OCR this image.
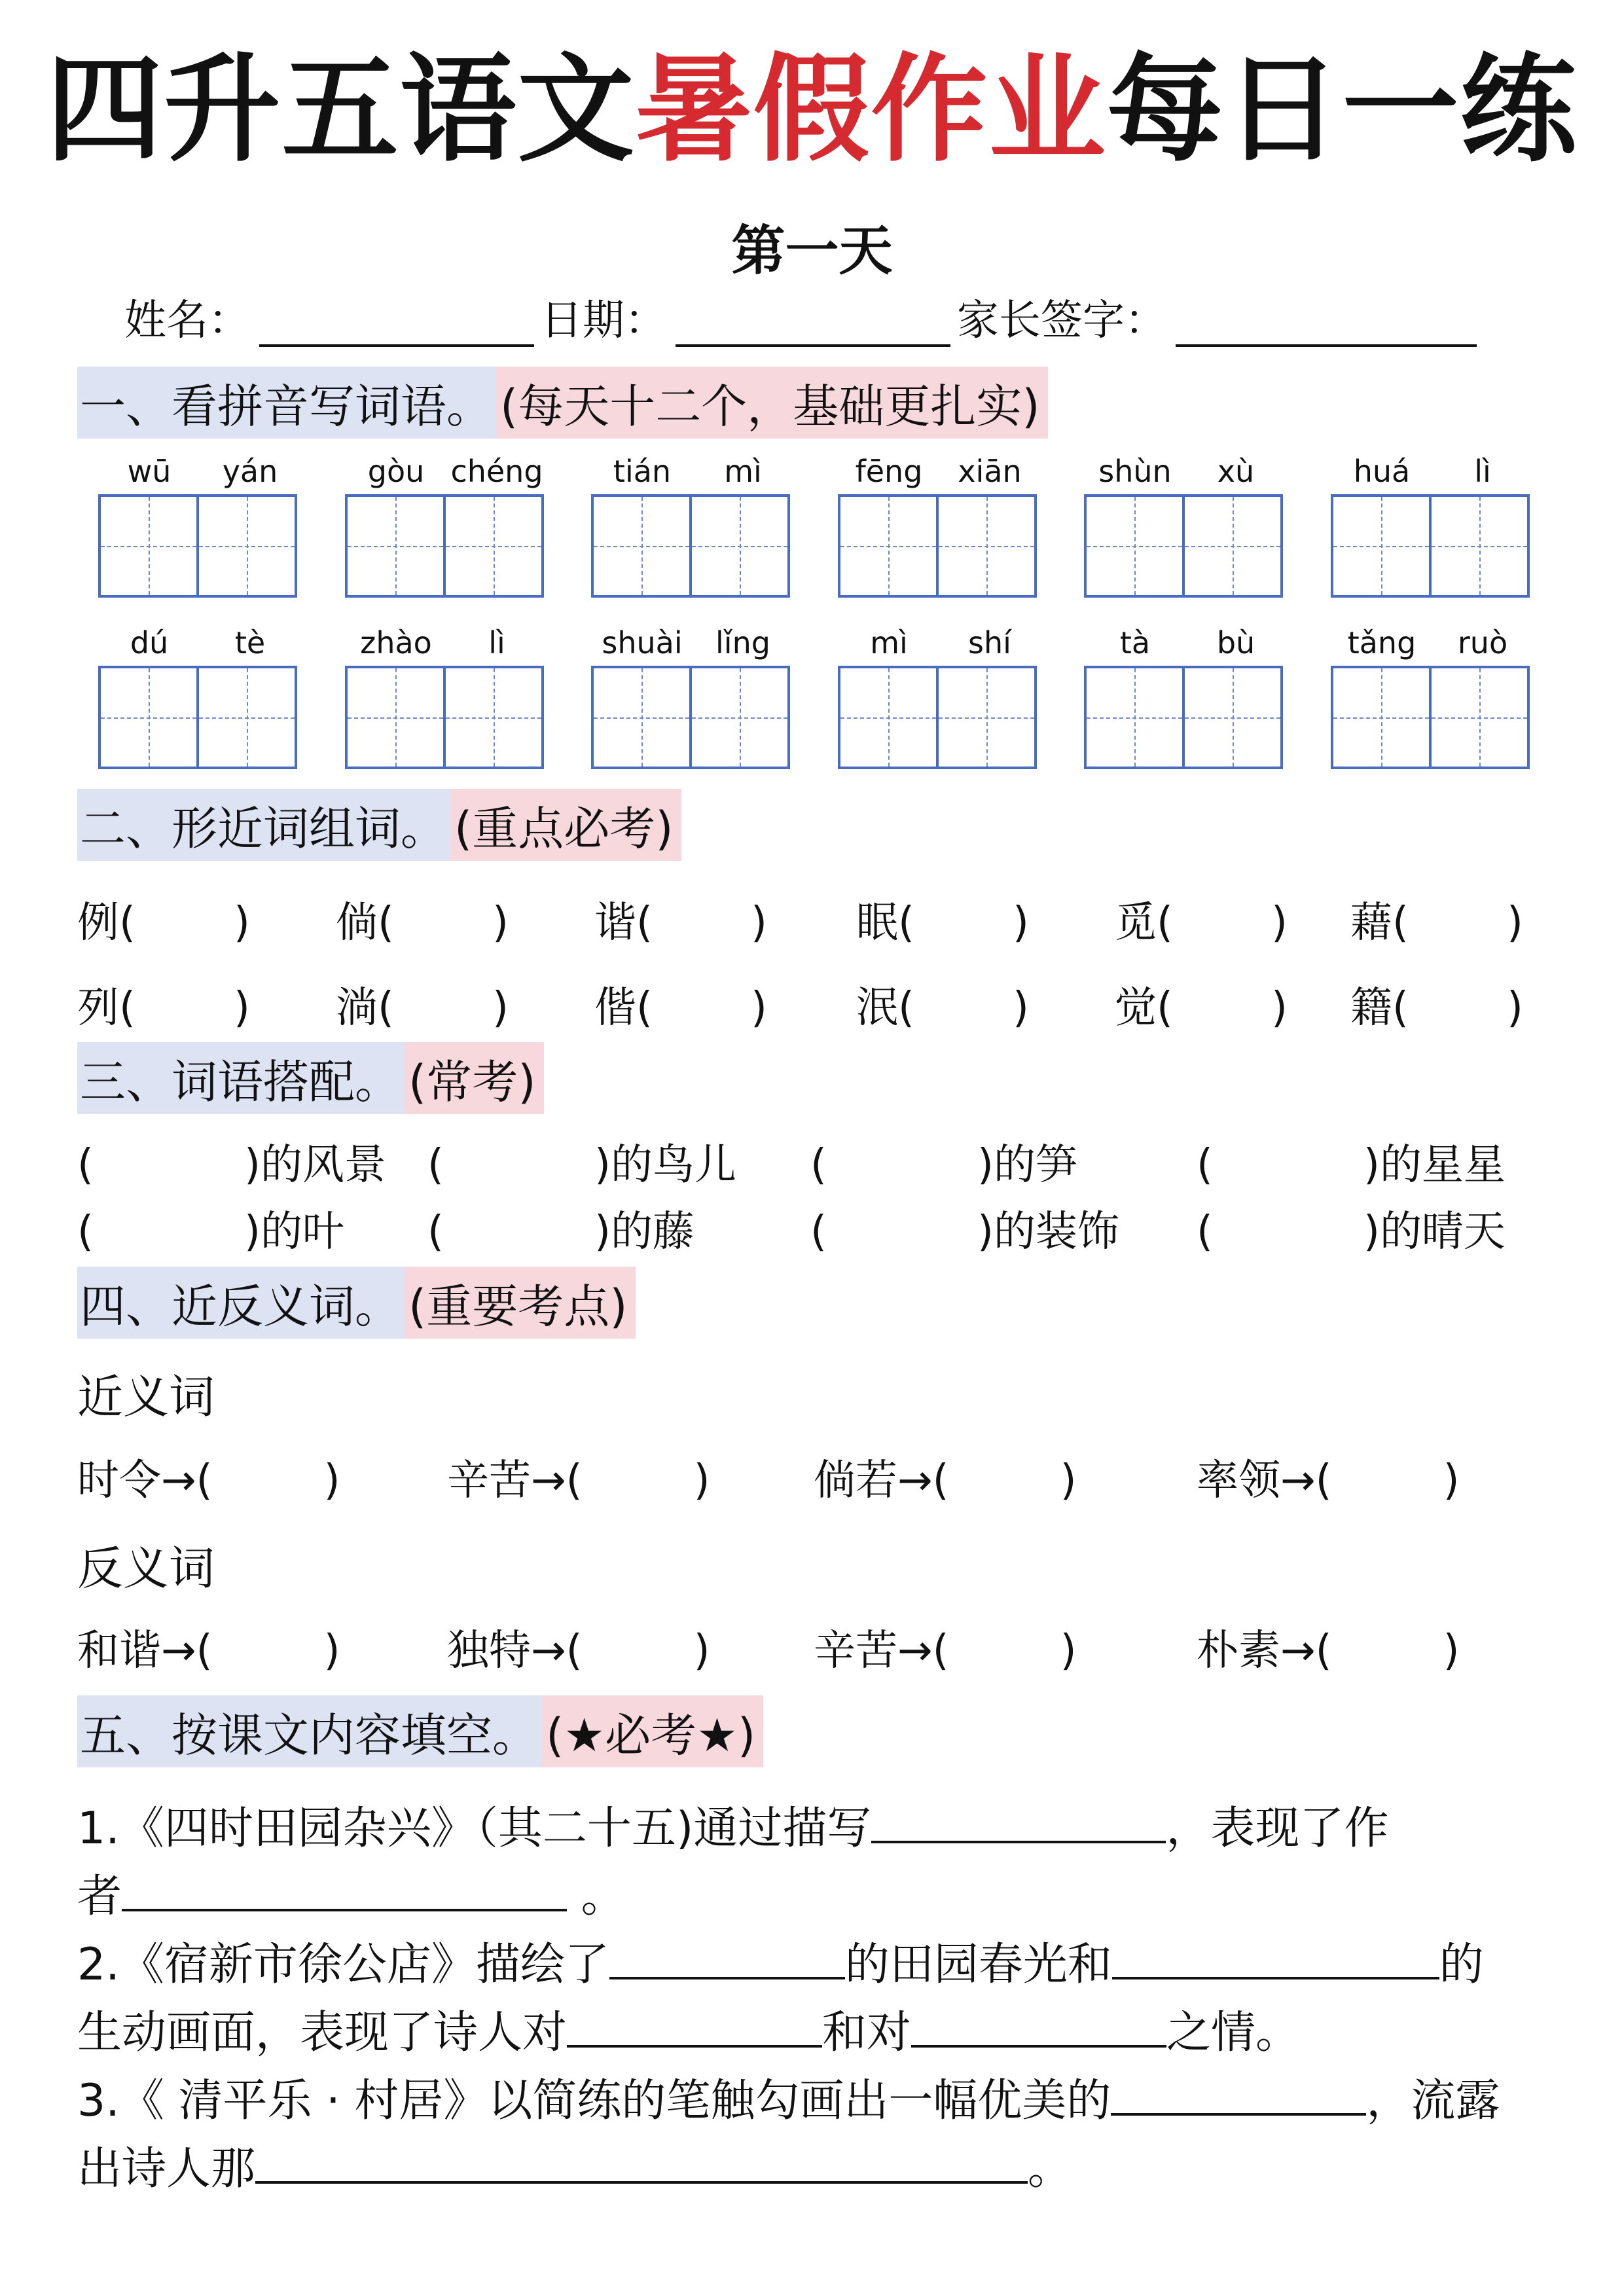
四升五语文暑假作业每日一练
第一天
姓名：	日期：	家长签字：
一、看拼音写词语。 (每天十二个，基础更扎实)
wū	yán	gòu chéng	tián	mì	fēng	xiān	shùn	xù	huá	lì
dú	tè	zhào	lì	shuài	lǐng	mì	shí	tà	bù	tǎng	ruò
二、形近词组词。 (重点必考)
例( ) 倘( ) 谐( ) 眠( ) 觅( ) 藉( )
列( ) 淌( ) 偕( ) 泯( ) 觉( ) 籍( )
三、词语搭配。 (常考)
(	)的风景 (	)的鸟儿 (	)的笋	(	)的星星
(	)的叶 (	)的藤	(	)的装饰 (	)的晴天
四、近反义词。 (重要考点)
近义词
时令→(	)	辛苦→(	) 倘若→(	)	率领→(	)
反义词
和谐→(	)	独特→(	) 辛苦→(	)	朴素→(	)
五、按课文内容填空。 (★必考★)
1.《四时田园杂兴》（其二十五)通过描写	，表现了作
者	。
2.《宿新市徐公店》描绘了	的田园春光和	的
生动画面，表现了诗人对	和对	之情。
3.《 清平乐 · 村居》以简练的笔触勾画出一幅优美的	，流露
出诗人那	。
